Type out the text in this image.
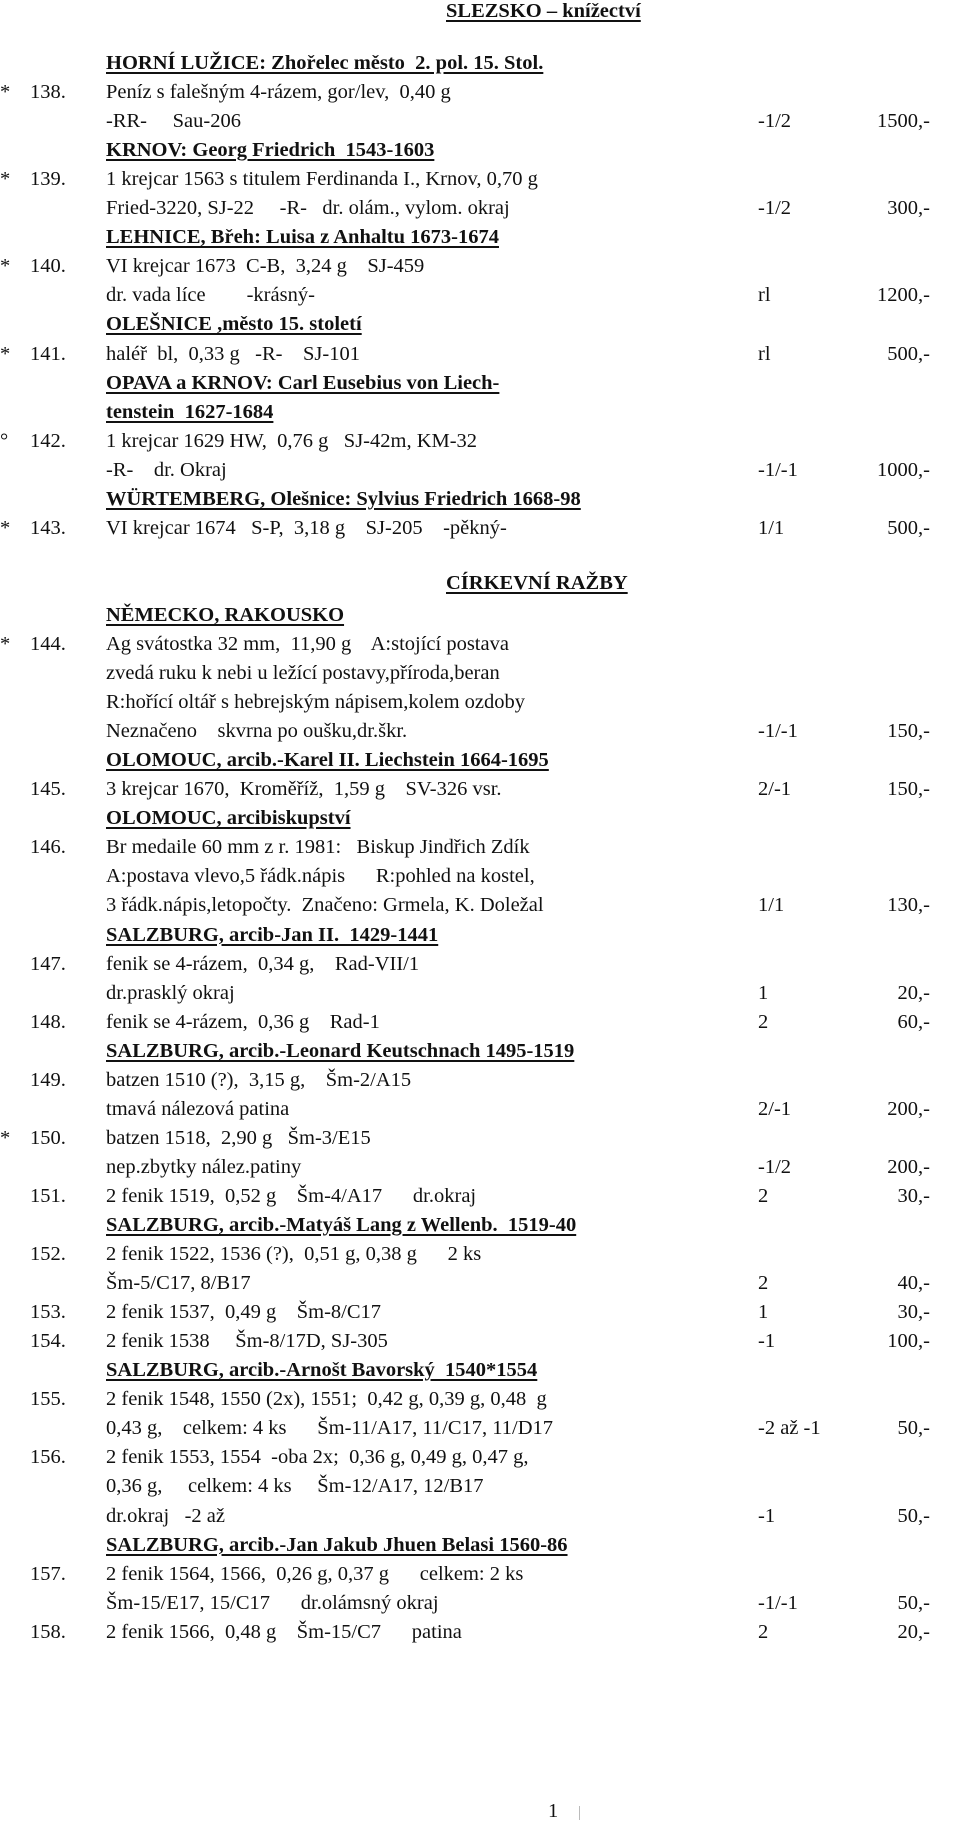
SLEZSKO – knížectví
CÍRKEVNÍ RAŽBY
HORNÍ LUŽICE: Zhořelec město  2. pol. 15. Stol.
* 138. Peníz s falešným 4-rázem, gor/lev,  0,40 g
-RR-     Sau-206	-1/2	1500,-
KRNOV: Georg Friedrich  1543-1603
* 139. 1 krejcar 1563 s titulem Ferdinanda I., Krnov, 0,70 g
Fried-3220, SJ-22     -R-   dr. olám., vylom. okraj	-1/2	300,-
LEHNICE, Břeh: Luisa z Anhaltu 1673-1674
* 140. VI krejcar 1673  C-B,  3,24 g    SJ-459
dr. vada líce        -krásný-	rl	1200,-
OLEŠNICE ,město 15. století
* 141. haléř  bl,  0,33 g   -R-    SJ-101	rl	500,-
OPAVA a KRNOV: Carl Eusebius von Liech-
tenstein  1627-1684
° 142. 1 krejcar 1629 HW,  0,76 g   SJ-42m, KM-32
-R-    dr. Okraj	-1/-1	1000,-
WÜRTEMBERG, Olešnice: Sylvius Friedrich 1668-98
* 143. VI krejcar 1674   S-P,  3,18 g    SJ-205    -pěkný-	1/1	500,-
NĚMECKO, RAKOUSKO
* 144. Ag svátostka 32 mm,  11,90 g    A:stojící postava
zvedá ruku k nebi u ležící postavy,příroda,beran
R:hořící oltář s hebrejským nápisem,kolem ozdoby
Neznačeno    skvrna po oušku,dr.škr.	-1/-1	150,-
OLOMOUC, arcib.-Karel II. Liechstein 1664-1695
145. 3 krejcar 1670,  Kroměříž,  1,59 g    SV-326 vsr.	2/-1	150,-
OLOMOUC, arcibiskupství
146. Br medaile 60 mm z r. 1981:   Biskup Jindřich Zdík
A:postava vlevo,5 řádk.nápis      R:pohled na kostel,
3 řádk.nápis,letopočty.  Značeno: Grmela, K. Doležal	1/1	130,-
SALZBURG, arcib-Jan II.  1429-1441
147. fenik se 4-rázem,  0,34 g,    Rad-VII/1
dr.prasklý okraj	1	20,-
148. fenik se 4-rázem,  0,36 g    Rad-1	2	60,-
SALZBURG, arcib.-Leonard Keutschnach 1495-1519
149. batzen 1510 (?),  3,15 g,    Šm-2/A15
tmavá nálezová patina	2/-1	200,-
* 150. batzen 1518,  2,90 g   Šm-3/E15
nep.zbytky nález.patiny	-1/2	200,-
151. 2 fenik 1519,  0,52 g    Šm-4/A17      dr.okraj	2	30,-
SALZBURG, arcib.-Matyáš Lang z Wellenb.  1519-40
152. 2 fenik 1522, 1536 (?),  0,51 g, 0,38 g      2 ks
Šm-5/C17, 8/B17	2	40,-
153. 2 fenik 1537,  0,49 g    Šm-8/C17	1	30,-
154. 2 fenik 1538     Šm-8/17D, SJ-305	-1	100,-
SALZBURG, arcib.-Arnošt Bavorský  1540*1554
155. 2 fenik 1548, 1550 (2x), 1551;  0,42 g, 0,39 g, 0,48  g
0,43 g,    celkem: 4 ks      Šm-11/A17, 11/C17, 11/D17	-2 až -1	50,-
156. 2 fenik 1553, 1554  -oba 2x;  0,36 g, 0,49 g, 0,47 g,
0,36 g,     celkem: 4 ks     Šm-12/A17, 12/B17
dr.okraj   -2 až	-1	50,-
SALZBURG, arcib.-Jan Jakub Jhuen Belasi 1560-86
157. 2 fenik 1564, 1566,  0,26 g, 0,37 g      celkem: 2 ks
Šm-15/E17, 15/C17      dr.olámsný okraj	-1/-1	50,-
158. 2 fenik 1566,  0,48 g    Šm-15/C7      patina	2	20,-
1
